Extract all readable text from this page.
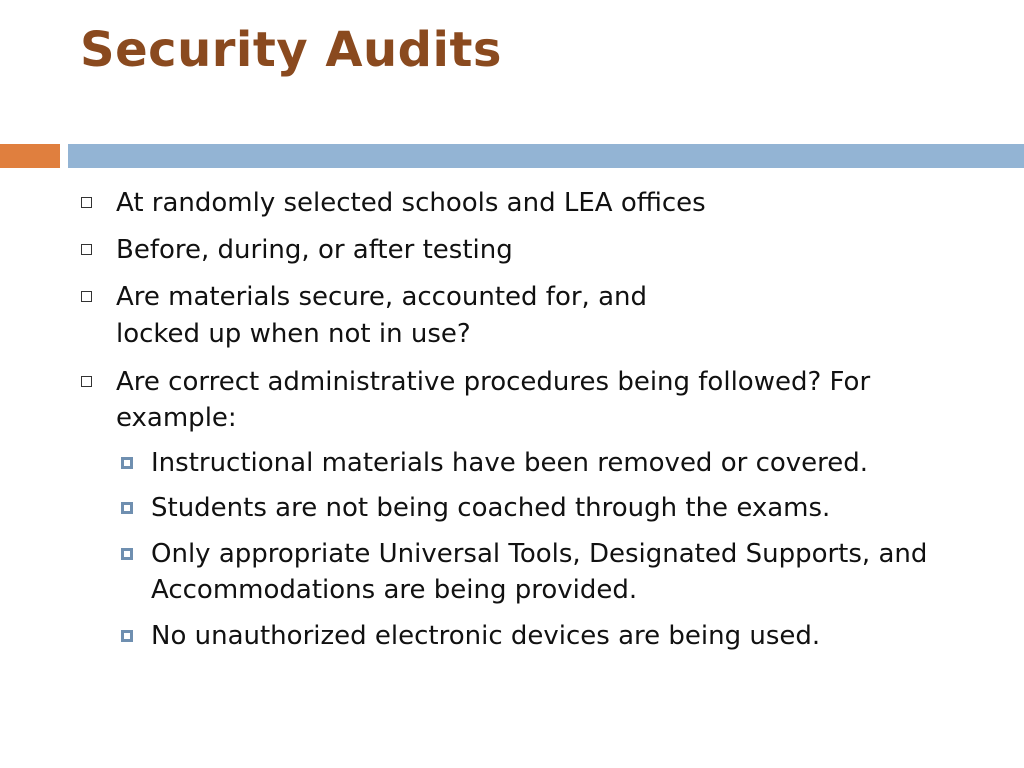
Security Audits
At randomly selected schools and LEA offices
Before, during, or after testing
Are materials secure, accounted for, and
locked up when not in use?
Are correct administrative procedures being followed? For
example:
Instructional materials have been removed or covered.
Students are not being coached through the exams.
Only appropriate Universal Tools, Designated Supports, and
Accommodations are being provided.
No unauthorized electronic devices are being used.
